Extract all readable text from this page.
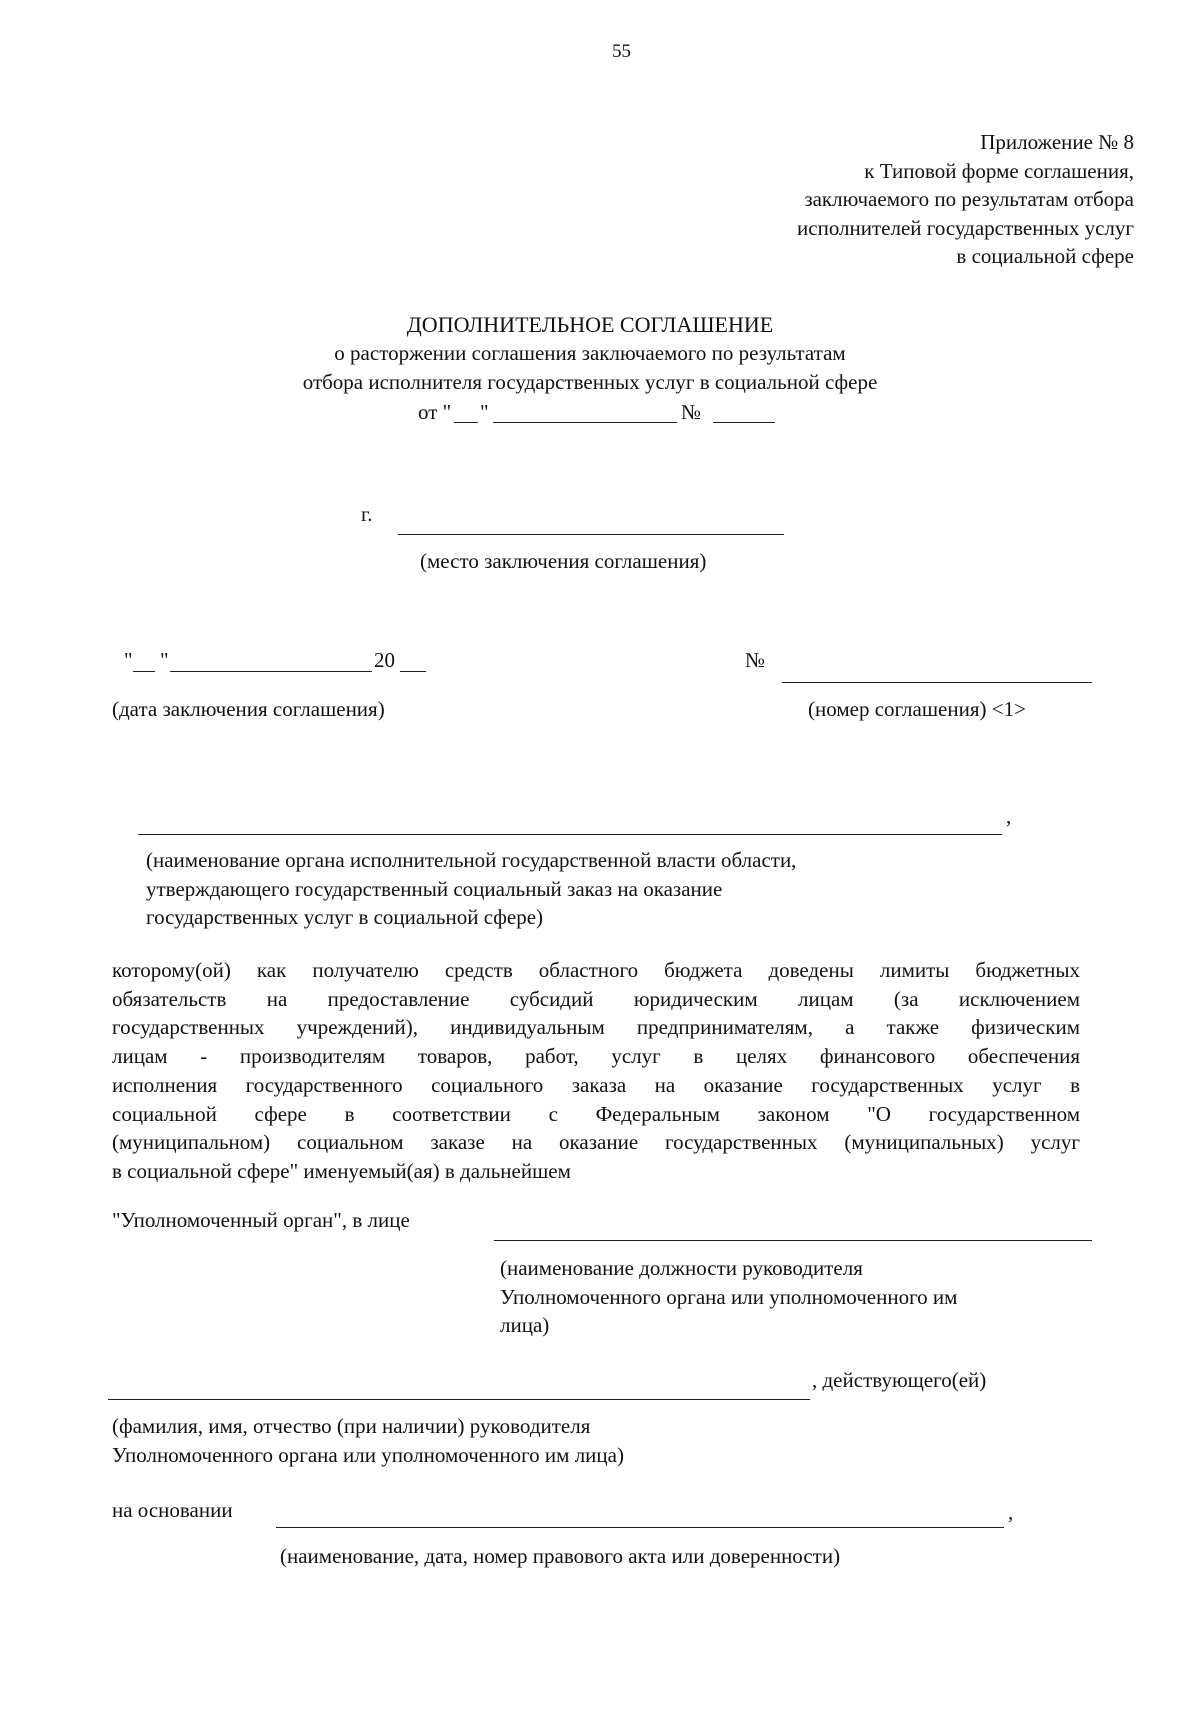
55
Приложение № 8
к Типовой форме соглашения,
заключаемого по результатам отбора
исполнителей государственных услуг
в социальной сфере
ДОПОЛНИТЕЛЬНОЕ СОГЛАШЕНИЕ
о расторжении соглашения заключаемого по результатам
отбора исполнителя государственных услуг в социальной сфере
от " "	№
г.
(место заключения соглашения)
" "	20
(дата заключения соглашения)
№
(номер соглашения) <1>
,
(наименование органа исполнительной государственной власти области,
утверждающего государственный социальный заказ на оказание
государственных услуг в социальной сфере)
которому(ой) как получателю средств областного бюджета доведены лимиты бюджетных
обязательств на предоставление субсидий юридическим лицам (за исключением
государственных учреждений), индивидуальным предпринимателям, а также физическим
лицам - производителям товаров, работ, услуг в целях финансового обеспечения
исполнения государственного социального заказа на оказание государственных услуг в
социальной сфере в соответствии с Федеральным законом "О государственном
(муниципальном) социальном заказе на оказание государственных (муниципальных) услуг
в социальной сфере" именуемый(ая) в дальнейшем
"Уполномоченный орган", в лице
(наименование должности руководителя
Уполномоченного органа или уполномоченного им
лица)
, действующего(ей)
(фамилия, имя, отчество (при наличии) руководителя
Уполномоченного органа или уполномоченного им лица)
на основании	,
(наименование, дата, номер правового акта или доверенности)
